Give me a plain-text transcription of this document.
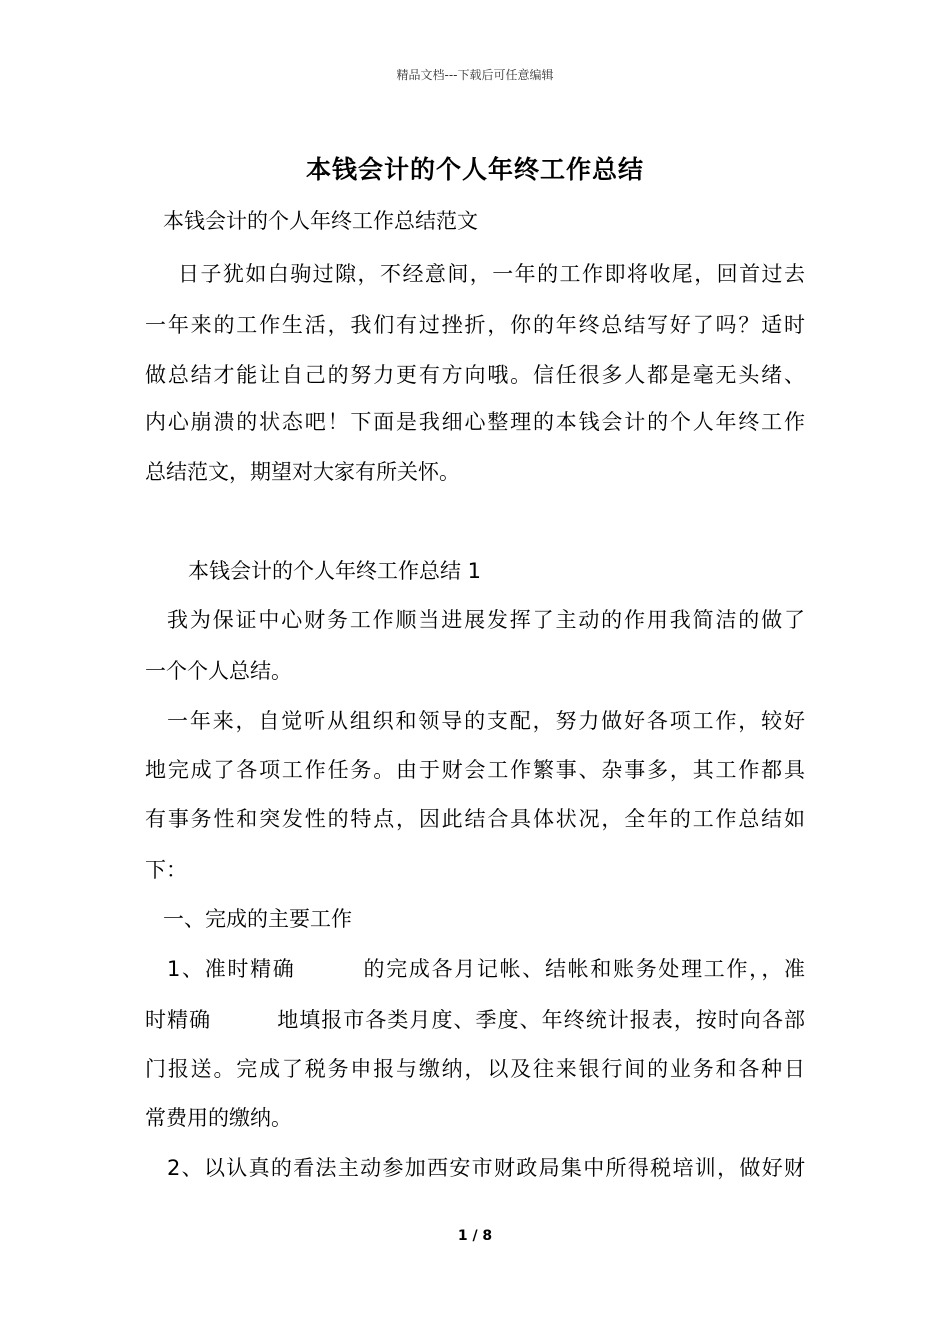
精品文档---下载后可任意编辑
本钱会计的个人年终工作总结
本钱会计的个人年终工作总结范文
日子犹如白驹过隙，不经意间，一年的工作即将收尾，回首过去
一年来的工作生活，我们有过挫折，你的年终总结写好了吗？适时
做总结才能让自己的努力更有方向哦。信任很多人都是毫无头绪、
内心崩溃的状态吧！下面是我细心整理的本钱会计的个人年终工作
总结范文，期望对大家有所关怀。
本钱会计的个人年终工作总结 1
我为保证中心财务工作顺当进展发挥了主动的作用我简洁的做了
一个个人总结。
一年来，自觉听从组织和领导的支配，努力做好各项工作，较好
地完成了各项工作任务。由于财会工作繁事、杂事多，其工作都具
有事务性和突发性的特点，因此结合具体状况，全年的工作总结如
下：
一、完成的主要工作
1、准时精确　　　的完成各月记帐、结帐和账务处理工作，，准
时精确　　　地填报市各类月度、季度、年终统计报表，按时向各部
门报送。完成了税务申报与缴纳，以及往来银行间的业务和各种日
常费用的缴纳。
2、以认真的看法主动参加西安市财政局集中所得税培训，做好财
1 / 8
